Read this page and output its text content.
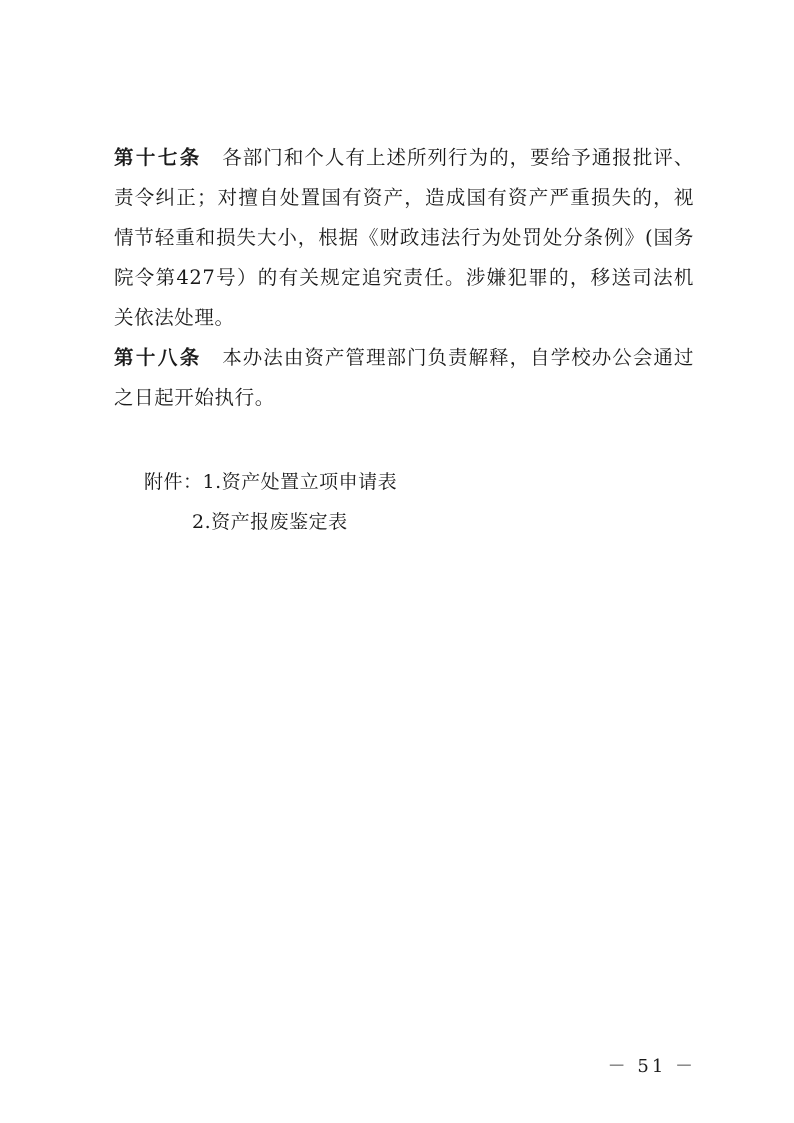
第十七条　 各部门和个人有上述所列行为的，要给予通报批评、责令纠正；对擅自处置国有资产，造成国有资产严重损失的，视情节轻重和损失大小，根据《财政违法行为处罚处分条例》(国务院令第427号）的有关规定追究责任。涉嫌犯罪的，移送司法机关依法处理。

第十八条　 本办法由资产管理部门负责解释，自学校办公会通过之日起开始执行。

附件：1.资产处置立项申请表
2.资产报废鉴定表
－ 51 －
